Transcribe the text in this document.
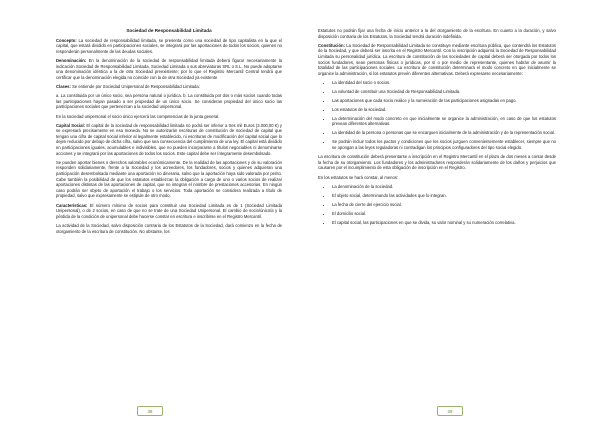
Sociedad de Responsabilidad Limitada

Concepto: La sociedad de responsabilidad limitada, se presenta como una sociedad de tipo capitalista en la que el capital, que estará dividido en participaciones sociales, se integrará por las aportaciones de todos los socios, quienes no responderán personalmente de las deudas sociales.

Denominación: En la denominación de la sociedad de responsabilidad limitada deberá figurar necesariamente la indicación Sociedad de Responsabilidad Limitada, Sociedad Limitada o sus abreviaturas SRL o S.L. No puede adoptarse una denominación idéntica a la de otra Sociedad preexistente; por lo que el Registro Mercantil Central tendrá que certificar que la denominación elegida no coincide con la de otra Sociedad ya existente

Clases: Se entiende por Sociedad Unipersonal de Responsabilidad Limitada:

a. La constituida por un único socio, sea persona natural o jurídica. b. La constituida por dos o más socios cuando todas las participaciones hayan pasado a ser propiedad de un único socio. Se consideran propiedad del único socio las participaciones sociales que pertenezcan a la sociedad unipersonal.

En la sociedad unipersonal el socio único ejercerá las competencias de la junta general.

Capital Social: El capital de la sociedad de responsabilidad limitada no podrá ser inferior a tres mil Euros (3.000,00 €) y se expresará precisamente en esa moneda. No se autorizarán escrituras de constitución de sociedad de capital que tengan una cifra de capital social inferior al legalmente establecido, ni escrituras de modificación del capital social que lo dejen reducido por debajo de dicha cifra, salvo que sea consecuencia del cumplimiento de una ley. El capital está dividido en participaciones iguales, acumulables e indivisibles, que no pueden incorporarse a títulos negociables ni denominarse acciones y se integrará por las aportaciones de todos los socios. Este capital debe ser íntegramente desembolsado.

Se pueden aportar bienes o derechos valorables económicamente. De la realidad de las aportaciones y de su valoración responden solidariamente, frente a la Sociedad y los acreedores, los fundadores, socios y quienes adquieran una participación desembolsada mediante una aportación no dineraria, salvo que la aportación haya sido valorada por perito. Cabe también la posibilidad de que los estatutos establezcan la obligación a cargo de uno o varios socios de realizar aportaciones distintas de las aportaciones de capital, que no integran el nombre de prestaciones accesorias. En ningún caso podrán ser objeto de aportación el trabajo o los servicios. Toda aportación se considera realizada a título de propiedad, salvo que expresamente se estipule de otro modo.

Características: El número mínimo de socios para constituir una Sociedad Limitada es de 1 (Sociedad Limitada Unipersonal), o de 2 socios, en caso de que no se trate de una Sociedad Unipersonal. El cambio de socio/único/a y la pérdida de la condición de unipersonal debe hacerse constar en escritura e inscribirse en el Registro Mercantil.

La actividad de la Sociedad, salvo disposición contraria de los Estatutos de la Sociedad, dará comienzo en la fecha de otorgamiento de la escritura de constitución. No obstante, los

38

Estatutos no podrán fijar una fecha de inicio anterior a la del otorgamiento de la escritura. En cuanto a la duración, y salvo disposición contraria de los Estatutos, la Sociedad tendrá duración indefinida.

Constitución: La Sociedad de Responsabilidad Limitada se constituye mediante escritura pública, que contendrá los Estatutos de la Sociedad, y que deberá ser inscrita en el Registro Mercantil. Con la inscripción adquirirá la Sociedad de Responsabilidad Limitada su personalidad jurídica. La escritura de constitución de las sociedades de capital deberá ser otorgada por todos los socios fundadores, sean personas físicas o jurídicas, por sí o por medio de representante, quienes habrán de asumir la totalidad de las participaciones sociales. La escritura de constitución determinará el modo concreto en que inicialmente se organice la administración, si los estatutos prevén diferentes alternativas. Deberá expresarse necesariamente:

• La identidad del socio o socios.
• La voluntad de constituir una Sociedad de Responsabilidad Limitada.
• Las aportaciones que cada socio realice y la numeración de las participaciones asignadas en pago.
• Los estatutos de la sociedad.
• La determinación del modo concreto en que inicialmente se organice la administración, en caso de que los estatutos prevean diferentes alternativas.
• La identidad de la persona o personas que se encarguen inicialmente de la administración y de la representación social.
• Se podrán incluir todos los pactos y condiciones que los socios juzguen convenientemente establecer, siempre que no se opongan a las leyes reguladoras ni contradigan los principios configuradores del tipo social elegido.

La escritura de constitución deberá presentarse a inscripción en el Registro Mercantil en el plazo de dos meses a contar desde la fecha de su otorgamiento. Los fundadores y los administradores responderán solidariamente de los daños y perjuicios que causaren por el incumplimiento de esta obligación de inscripción en el Registro.

En los estatutos se hará constar, al menos:

• La denominación de la sociedad.
• El objeto social, determinando las actividades que lo integran.
• La fecha de cierre del ejercicio social.
• El domicilio social.
• El capital social, las participaciones en que se divida, su valor nominal y su numeración correlativa.
39
